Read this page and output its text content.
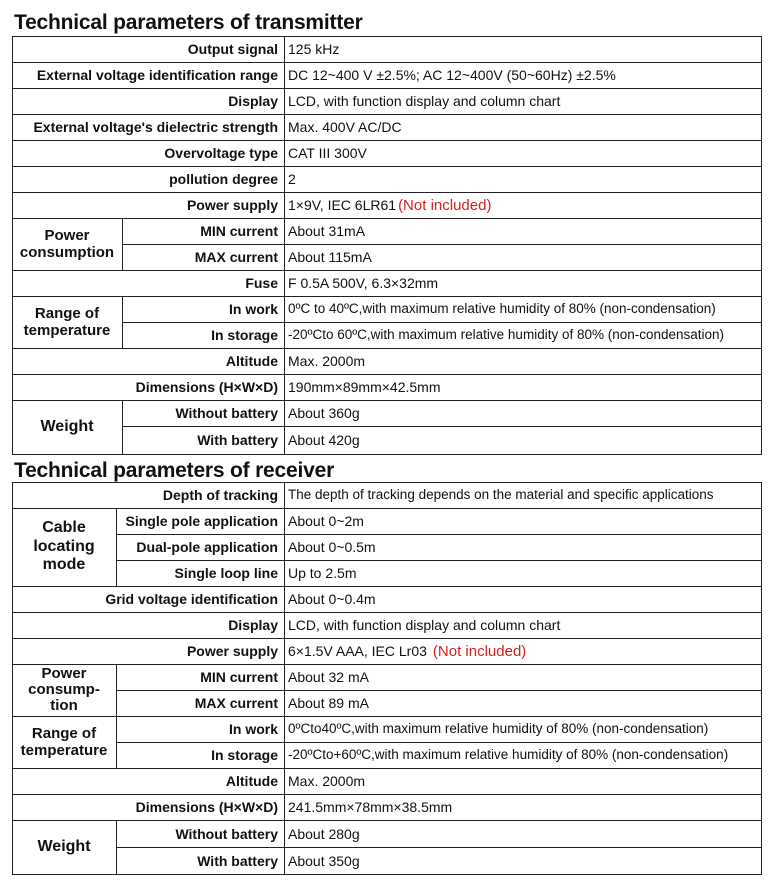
Technical parameters of transmitter
Technical parameters of receiver
Output signal 125 kHz
External voltage identification range DC 12~400 V ±2.5%; AC 12~400V (50~60Hz) ±2.5%
Display LCD, with function display and column chart
External voltage's dielectric strength Max. 400V AC/DC
Overvoltage type CAT III 300V
pollution degree 2
Power supply 1×9V, IEC 6LR61 (Not included)
Power consumption
MIN current About 31mA
MAX current About 115mA
Fuse F 0.5A 500V, 6.3×32mm
Range of temperature
In work 0ºC to 40ºC,with maximum relative humidity of 80% (non-condensation)
In storage -20ºCto 60ºC,with maximum relative humidity of 80% (non-condensation)
Altitude Max. 2000m
Dimensions (H×W×D) 190mm×89mm×42.5mm
Weight
Without battery About 360g
With battery About 420g
Depth of tracking The depth of tracking depends on the material and specific applications
Cable locating mode
Single pole application About 0~2m
Dual-pole application About 0~0.5m
Single loop line Up to 2.5m
Grid voltage identification About 0~0.4m
Display LCD, with function display and column chart
Power supply 6×1.5V AAA, IEC Lr03 (Not included)
Power consump-tion
MIN current About 32 mA
MAX current About 89 mA
Range of temperature
In work 0ºCto40ºC,with maximum relative humidity of 80% (non-condensation)
In storage -20ºCto+60ºC,with maximum relative humidity of 80% (non-condensation)
Altitude Max. 2000m
Dimensions (H×W×D) 241.5mm×78mm×38.5mm
Weight
Without battery About 280g
With battery About 350g
